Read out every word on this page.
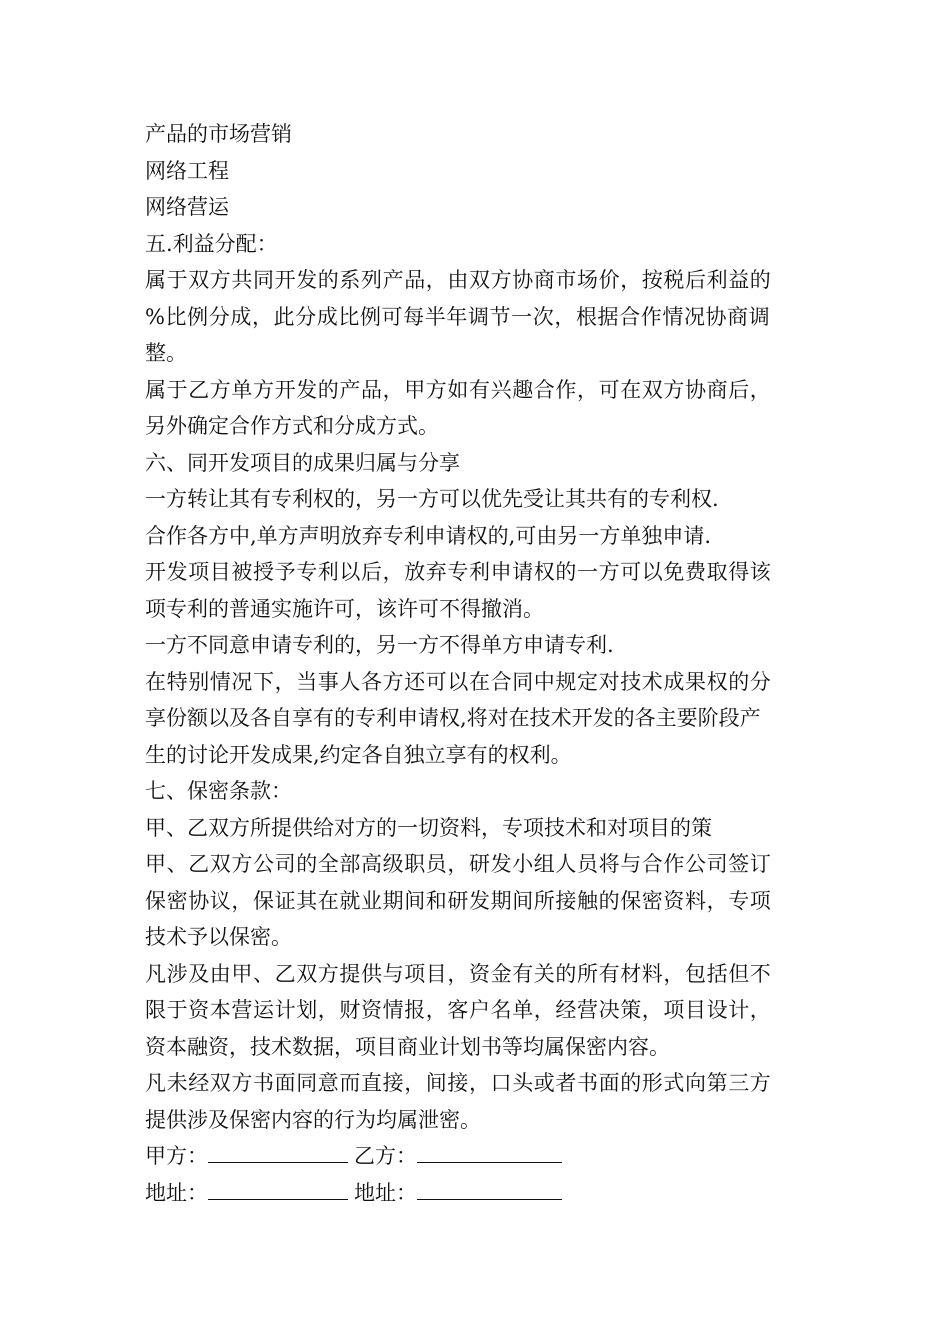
产品的市场营销
网络工程
网络营运
五.利益分配：
属于双方共同开发的系列产品，由双方协商市场价，按税后利益的
%比例分成，此分成比例可每半年调节一次，根据合作情况协商调
整。
属于乙方单方开发的产品，甲方如有兴趣合作，可在双方协商后，
另外确定合作方式和分成方式。
六、同开发项目的成果归属与分享
一方转让其有专利权的，另一方可以优先受让其共有的专利权.
合作各方中,单方声明放弃专利申请权的,可由另一方单独申请.
开发项目被授予专利以后，放弃专利申请权的一方可以免费取得该
项专利的普通实施许可，该许可不得撤消。
一方不同意申请专利的，另一方不得单方申请专利.
在特别情况下，当事人各方还可以在合同中规定对技术成果权的分
享份额以及各自享有的专利申请权,将对在技术开发的各主要阶段产
生的讨论开发成果,约定各自独立享有的权利。
七、保密条款：
甲、乙双方所提供给对方的一切资料，专项技术和对项目的策
甲、乙双方公司的全部高级职员，研发小组人员将与合作公司签订
保密协议，保证其在就业期间和研发期间所接触的保密资料，专项
技术予以保密。
凡涉及由甲、乙双方提供与项目，资金有关的所有材料，包括但不
限于资本营运计划，财资情报，客户名单，经营决策，项目设计，
资本融资，技术数据，项目商业计划书等均属保密内容。
凡未经双方书面同意而直接，间接，口头或者书面的形式向第三方
提供涉及保密内容的行为均属泄密。
甲方：	乙方：
地址：	地址：
